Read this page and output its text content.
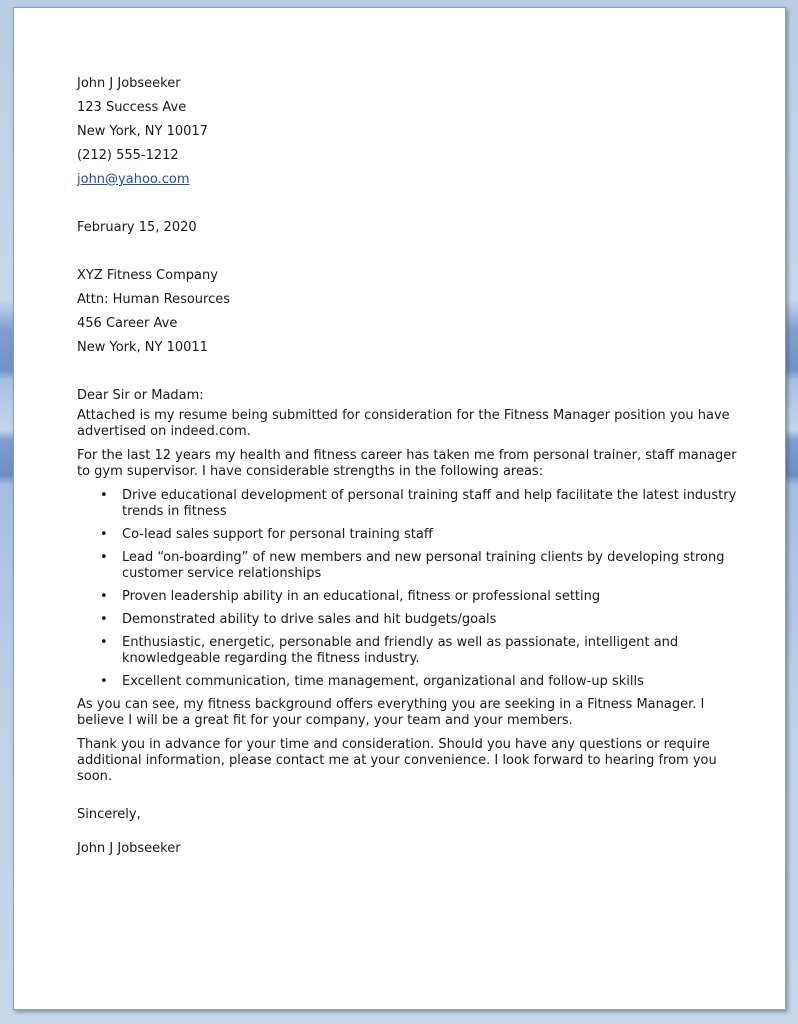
John J Jobseeker
123 Success Ave
New York, NY 10017
(212) 555-1212
john@yahoo.com
February 15, 2020
XYZ Fitness Company
Attn: Human Resources
456 Career Ave
New York, NY 10011
Dear Sir or Madam:

Attached is my resume being submitted for consideration for the Fitness Manager position you have advertised on indeed.com.

For the last 12 years my health and fitness career has taken me from personal trainer, staff manager to gym supervisor. I have considerable strengths in the following areas:

• Drive educational development of personal training staff and help facilitate the latest industry trends in fitness
• Co-lead sales support for personal training staff
• Lead “on-boarding” of new members and new personal training clients by developing strong customer service relationships
• Proven leadership ability in an educational, fitness or professional setting
• Demonstrated ability to drive sales and hit budgets/goals
• Enthusiastic, energetic, personable and friendly as well as passionate, intelligent and knowledgeable regarding the fitness industry.
• Excellent communication, time management, organizational and follow-up skills

As you can see, my fitness background offers everything you are seeking in a Fitness Manager. I believe I will be a great fit for your company, your team and your members.

Thank you in advance for your time and consideration. Should you have any questions or require additional information, please contact me at your convenience. I look forward to hearing from you soon.

Sincerely,
John J Jobseeker
